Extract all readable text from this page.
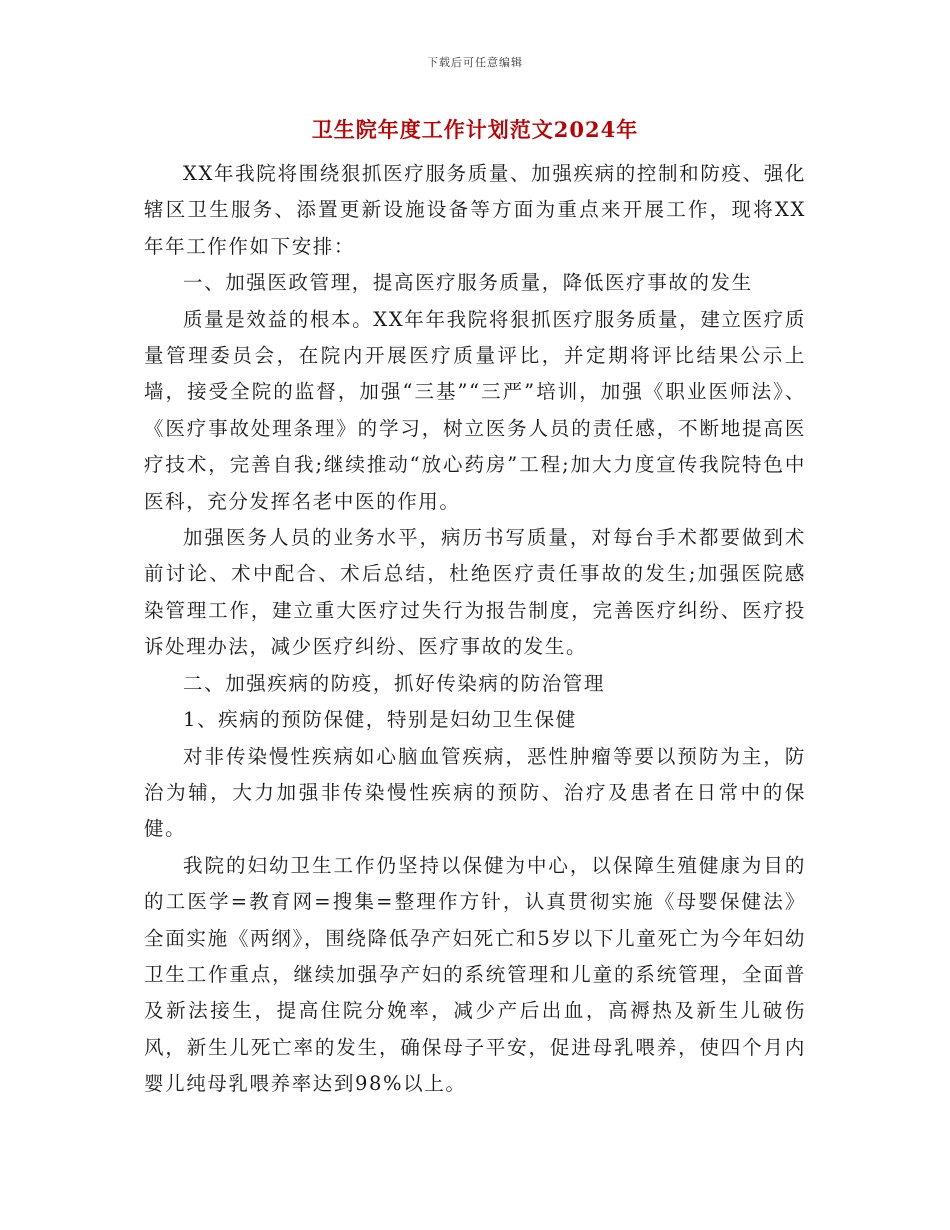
下载后可任意编辑
卫生院年度工作计划范文2024年

XX年我院将围绕狠抓医疗服务质量、加强疾病的控制和防疫、强化辖区卫生服务、添置更新设施设备等方面为重点来开展工作，现将XX年年工作作如下安排：

一、加强医政管理，提高医疗服务质量，降低医疗事故的发生

质量是效益的根本。XX年年我院将狠抓医疗服务质量，建立医疗质量管理委员会，在院内开展医疗质量评比，并定期将评比结果公示上墙，接受全院的监督，加强“三基”“三严”培训，加强《职业医师法》、《医疗事故处理条理》的学习，树立医务人员的责任感，不断地提高医疗技术，完善自我;继续推动“放心药房”工程;加大力度宣传我院特色中医科，充分发挥名老中医的作用。

加强医务人员的业务水平，病历书写质量，对每台手术都要做到术前讨论、术中配合、术后总结，杜绝医疗责任事故的发生;加强医院感染管理工作，建立重大医疗过失行为报告制度，完善医疗纠纷、医疗投诉处理办法，减少医疗纠纷、医疗事故的发生。

二、加强疾病的防疫，抓好传染病的防治管理

1、疾病的预防保健，特别是妇幼卫生保健

对非传染慢性疾病如心脑血管疾病，恶性肿瘤等要以预防为主，防治为辅，大力加强非传染慢性疾病的预防、治疗及患者在日常中的保健。

我院的妇幼卫生工作仍坚持以保健为中心，以保障生殖健康为目的的工医学=教育网=搜集=整理作方针，认真贯彻实施《母婴保健法》全面实施《两纲》，围绕降低孕产妇死亡和5岁以下儿童死亡为今年妇幼卫生工作重点，继续加强孕产妇的系统管理和儿童的系统管理，全面普及新法接生，提高住院分娩率，减少产后出血，高褥热及新生儿破伤风，新生儿死亡率的发生，确保母子平安，促进母乳喂养，使四个月内婴儿纯母乳喂养率达到98%以上。
